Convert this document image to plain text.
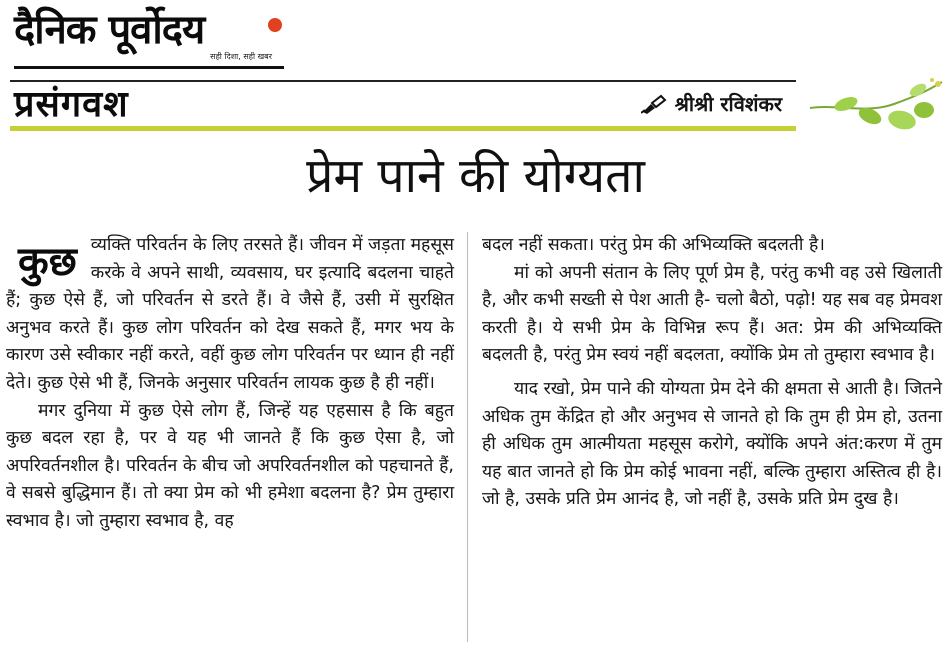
दैनिक पूर्वोदय
सही दिशा, सही खबर
प्रसंगवश	श्रीश्री रविशंकर
प्रेम पाने की योग्यता

कुछ व्यक्ति परिवर्तन के लिए तरसते हैं। जीवन में जड़ता महसूस करके वे अपने साथी, व्यवसाय, घर इत्यादि बदलना चाहते हैं; कुछ ऐसे हैं, जो परिवर्तन से डरते हैं। वे जैसे हैं, उसी में सुरक्षित अनुभव करते हैं। कुछ लोग परिवर्तन को देख सकते हैं, मगर भय के कारण उसे स्वीकार नहीं करते, वहीं कुछ लोग परिवर्तन पर ध्यान ही नहीं देते। कुछ ऐसे भी हैं, जिनके अनुसार परिवर्तन लायक कुछ है ही नहीं।

मगर दुनिया में कुछ ऐसे लोग हैं, जिन्हें यह एहसास है कि बहुत कुछ बदल रहा है, पर वे यह भी जानते हैं कि कुछ ऐसा है, जो अपरिवर्तनशील है। परिवर्तन के बीच जो अपरिवर्तनशील को पहचानते हैं, वे सबसे बुद्धिमान हैं। तो क्या प्रेम को भी हमेशा बदलना है? प्रेम तुम्हारा स्वभाव है। जो तुम्हारा स्वभाव है, वह

बदल नहीं सकता। परंतु प्रेम की अभिव्यक्ति बदलती है।

मां को अपनी संतान के लिए पूर्ण प्रेम है, परंतु कभी वह उसे खिलाती है, और कभी सख्ती से पेश आती है- चलो बैठो, पढ़ो! यह सब वह प्रेमवश करती है। ये सभी प्रेम के विभिन्न रूप हैं। अत: प्रेम की अभिव्यक्ति बदलती है, परंतु प्रेम स्वयं नहीं बदलता, क्योंकि प्रेम तो तुम्हारा स्वभाव है।

याद रखो, प्रेम पाने की योग्यता प्रेम देने की क्षमता से आती है। जितने अधिक तुम केंद्रित हो और अनुभव से जानते हो कि तुम ही प्रेम हो, उतना ही अधिक तुम आत्मीयता महसूस करोगे, क्योंकि अपने अंत:करण में तुम यह बात जानते हो कि प्रेम कोई भावना नहीं, बल्कि तुम्हारा अस्तित्व ही है। जो है, उसके प्रति प्रेम आनंद है, जो नहीं है, उसके प्रति प्रेम दुख है।
